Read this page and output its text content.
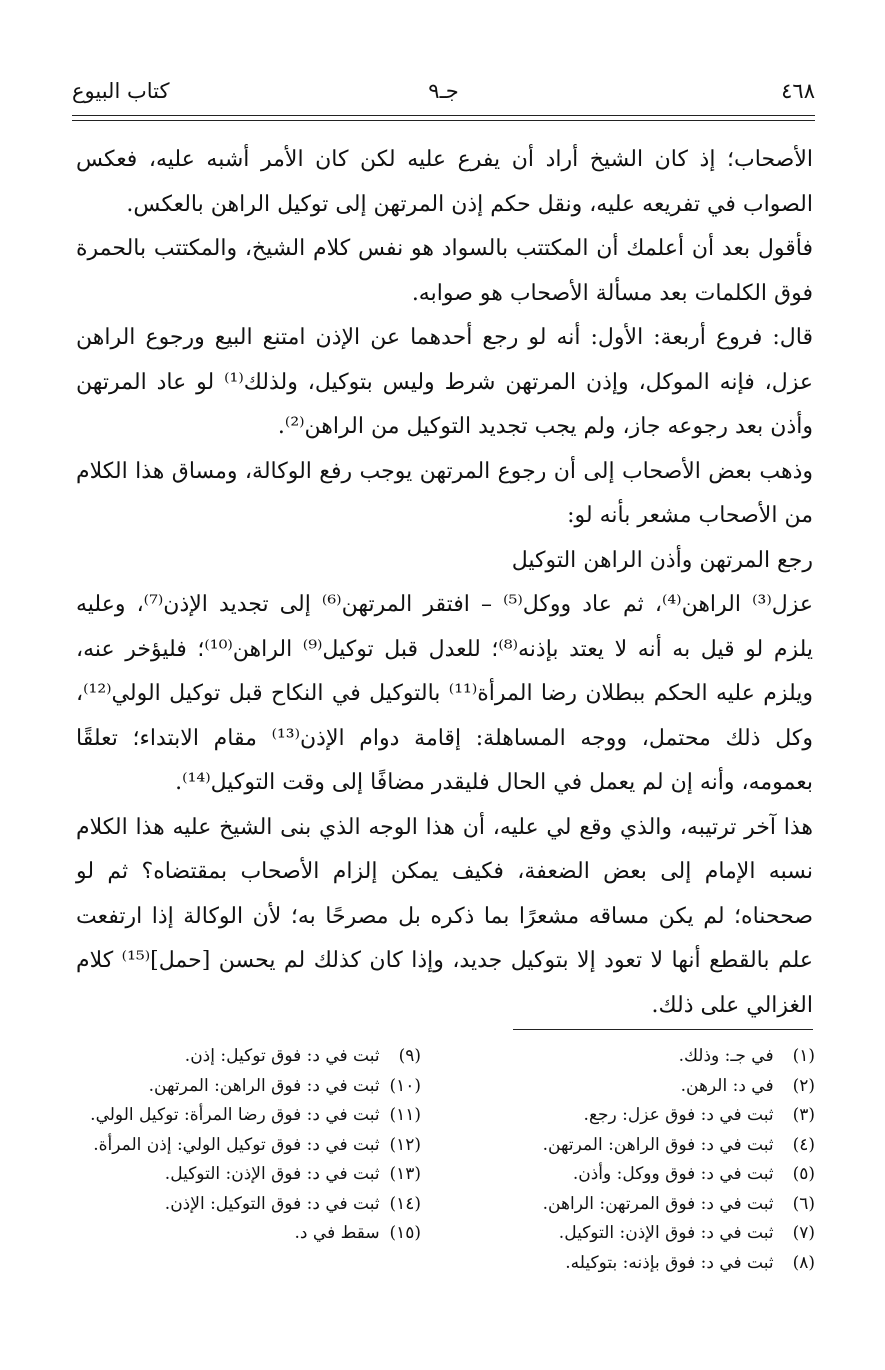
٤٦٨
جـ٩
كتاب البيوع

الأصحاب؛ إذ كان الشيخ أراد أن يفرع عليه لكن كان الأمر أشبه عليه، فعكس الصواب في تفريعه عليه، ونقل حكم إذن المرتهن إلى توكيل الراهن بالعكس.

فأقول بعد أن أعلمك أن المكتتب بالسواد هو نفس كلام الشيخ، والمكتتب بالحمرة فوق الكلمات بعد مسألة الأصحاب هو صوابه.

قال: فروع أربعة: الأول: أنه لو رجع أحدهما عن الإذن امتنع البيع ورجوع الراهن عزل، فإنه الموكل، وإذن المرتهن شرط وليس بتوكيل، ولذلك⁽¹⁾ لو عاد المرتهن وأذن بعد رجوعه جاز، ولم يجب تجديد التوكيل من الراهن⁽²⁾.

وذهب بعض الأصحاب إلى أن رجوع المرتهن يوجب رفع الوكالة، ومساق هذا الكلام من الأصحاب مشعر بأنه لو:

رجع المرتهن وأذن الراهن التوكيل

عزل⁽³⁾ الراهن⁽⁴⁾، ثم عاد ووكل⁽⁵⁾ – افتقر المرتهن⁽⁶⁾ إلى تجديد الإذن⁽⁷⁾، وعليه يلزم لو قيل به أنه لا يعتد بإذنه⁽⁸⁾؛ للعدل قبل توكيل⁽⁹⁾ الراهن⁽¹⁰⁾؛ فليؤخر عنه، ويلزم عليه الحكم ببطلان رضا المرأة⁽¹¹⁾ بالتوكيل في النكاح قبل توكيل الولي⁽¹²⁾، وكل ذلك محتمل، ووجه المساهلة: إقامة دوام الإذن⁽¹³⁾ مقام الابتداء؛ تعلقًا بعمومه، وأنه إن لم يعمل في الحال فليقدر مضافًا إلى وقت التوكيل⁽¹⁴⁾.

هذا آخر ترتيبه، والذي وقع لي عليه، أن هذا الوجه الذي بنى الشيخ عليه هذا الكلام نسبه الإمام إلى بعض الضعفة، فكيف يمكن إلزام الأصحاب بمقتضاه؟ ثم لو صححناه؛ لم يكن مساقه مشعرًا بما ذكره بل مصرحًا به؛ لأن الوكالة إذا ارتفعت علم بالقطع أنها لا تعود إلا بتوكيل جديد، وإذا كان كذلك لم يحسن [حمل]⁽¹⁵⁾ كلام الغزالي على ذلك.

(١) في جـ: وذلك.

(٢) في د: الرهن.

(٣) ثبت في د: فوق عزل: رجع.

(٤) ثبت في د: فوق الراهن: المرتهن.

(٥) ثبت في د: فوق ووكل: وأذن.

(٦) ثبت في د: فوق المرتهن: الراهن.

(٧) ثبت في د: فوق الإذن: التوكيل.

(٨) ثبت في د: فوق بإذنه: بتوكيله.

(٩) ثبت في د: فوق توكيل: إذن.

(١٠) ثبت في د: فوق الراهن: المرتهن.

(١١) ثبت في د: فوق رضا المرأة: توكيل الولي.

(١٢) ثبت في د: فوق توكيل الولي: إذن المرأة.

(١٣) ثبت في د: فوق الإذن: التوكيل.

(١٤) ثبت في د: فوق التوكيل: الإذن.

(١٥) سقط في د.
